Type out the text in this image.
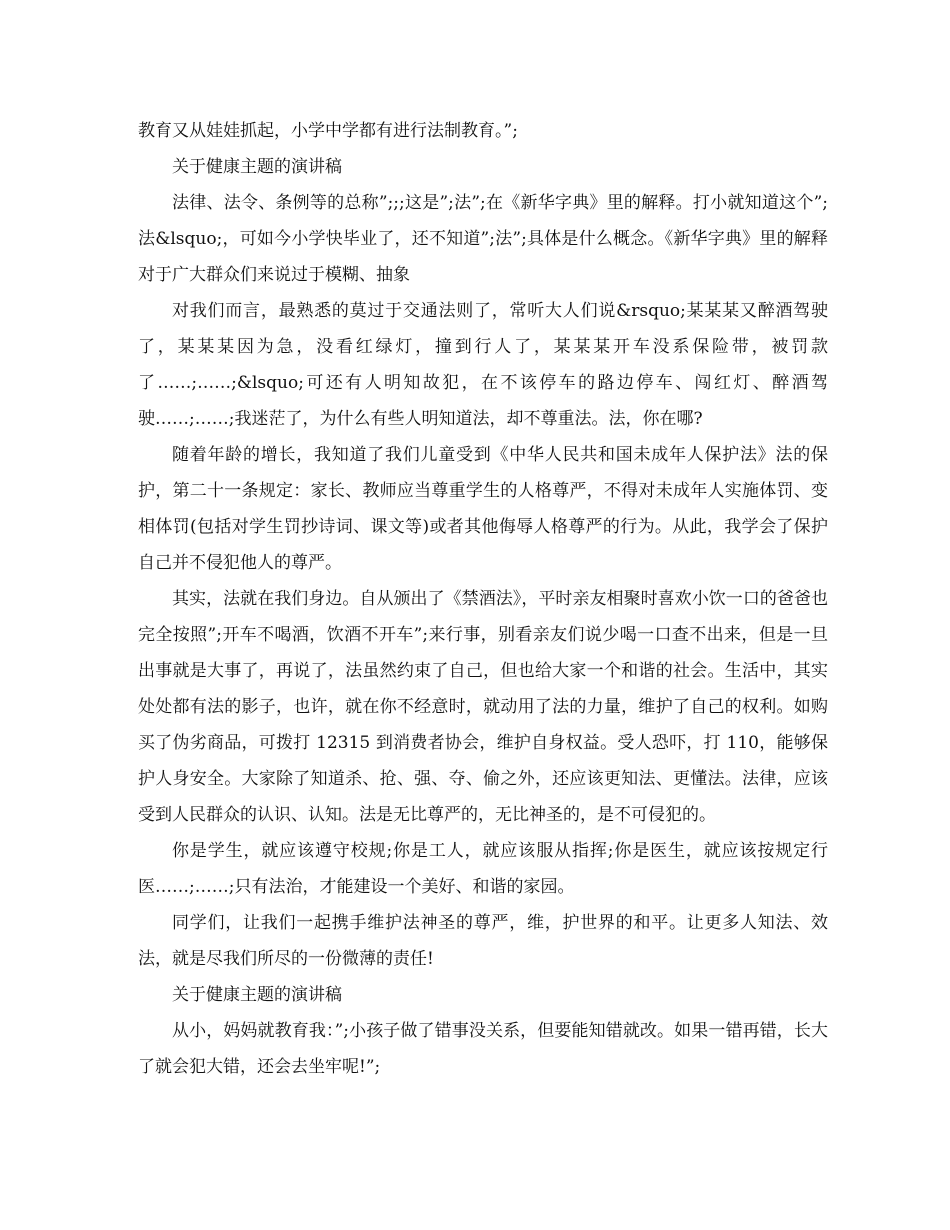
教育又从娃娃抓起，小学中学都有进行法制教育。”;

关于健康主题的演讲稿

法律、法令、条例等的总称”;;;这是”;法”;在《新华字典》里的解释。打小就知道这个”;法&lsquo;，可如今小学快毕业了，还不知道”;法”;具体是什么概念。《新华字典》里的解释对于广大群众们来说过于模糊、抽象

对我们而言，最熟悉的莫过于交通法则了，常听大人们说&rsquo;某某某又醉酒驾驶了，某某某因为急，没看红绿灯，撞到行人了，某某某开车没系保险带，被罚款了……;……;&lsquo;可还有人明知故犯，在不该停车的路边停车、闯红灯、醉酒驾驶……;……;我迷茫了，为什么有些人明知道法，却不尊重法。法，你在哪?

随着年龄的增长，我知道了我们儿童受到《中华人民共和国未成年人保护法》法的保护，第二十一条规定：家长、教师应当尊重学生的人格尊严，不得对未成年人实施体罚、变相体罚(包括对学生罚抄诗词、课文等)或者其他侮辱人格尊严的行为。从此，我学会了保护自己并不侵犯他人的尊严。

其实，法就在我们身边。自从颁出了《禁酒法》，平时亲友相聚时喜欢小饮一口的爸爸也完全按照”;开车不喝酒，饮酒不开车”;来行事，别看亲友们说少喝一口查不出来，但是一旦出事就是大事了，再说了，法虽然约束了自己，但也给大家一个和谐的社会。生活中，其实处处都有法的影子，也许，就在你不经意时，就动用了法的力量，维护了自己的权利。如购买了伪劣商品，可拨打 12315 到消费者协会，维护自身权益。受人恐吓，打 110，能够保护人身安全。大家除了知道杀、抢、强、夺、偷之外，还应该更知法、更懂法。法律，应该受到人民群众的认识、认知。法是无比尊严的，无比神圣的，是不可侵犯的。

你是学生，就应该遵守校规;你是工人，就应该服从指挥;你是医生，就应该按规定行医……;……;只有法治，才能建设一个美好、和谐的家园。

同学们，让我们一起携手维护法神圣的尊严，维，护世界的和平。让更多人知法、效法，就是尽我们所尽的一份微薄的责任!

关于健康主题的演讲稿

从小，妈妈就教育我：”;小孩子做了错事没关系，但要能知错就改。如果一错再错，长大了就会犯大错，还会去坐牢呢!”;
